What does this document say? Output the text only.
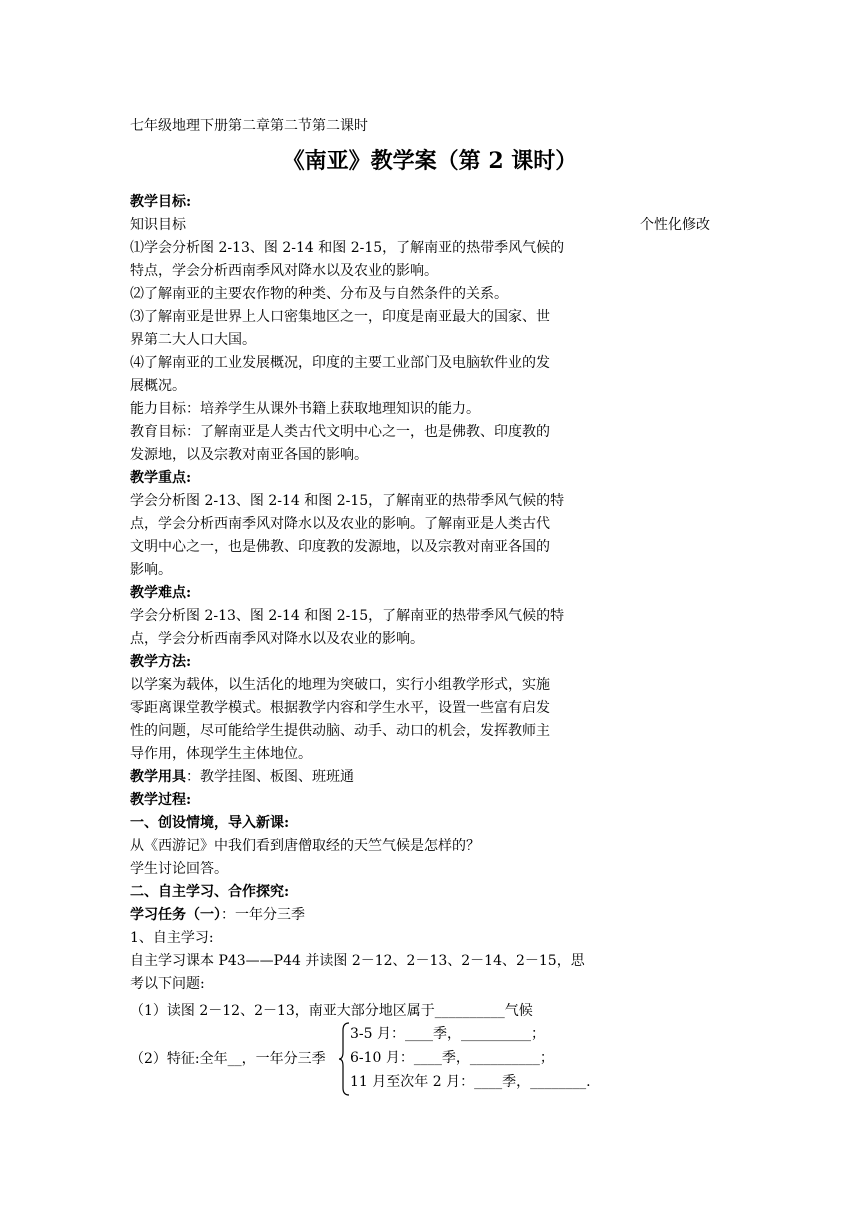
七年级地理下册第二章第二节第二课时
《南亚》教学案（第 2 课时）
个性化修改

教学目标:

知识目标

⑴学会分析图 2-13、图 2-14 和图 2-15，了解南亚的热带季风气候的

特点，学会分析西南季风对降水以及农业的影响。

⑵了解南亚的主要农作物的种类、分布及与自然条件的关系。

⑶了解南亚是世界上人口密集地区之一，印度是南亚最大的国家、世

界第二大人口大国。

⑷了解南亚的工业发展概况，印度的主要工业部门及电脑软件业的发

展概况。

能力目标：培养学生从课外书籍上获取地理知识的能力。

教育目标：了解南亚是人类古代文明中心之一，也是佛教、印度教的

发源地，以及宗教对南亚各国的影响。

教学重点:

学会分析图 2-13、图 2-14 和图 2-15，了解南亚的热带季风气候的特

点，学会分析西南季风对降水以及农业的影响。了解南亚是人类古代

文明中心之一，也是佛教、印度教的发源地，以及宗教对南亚各国的

影响。

教学难点:

学会分析图 2-13、图 2-14 和图 2-15，了解南亚的热带季风气候的特

点，学会分析西南季风对降水以及农业的影响。

教学方法:

以学案为载体，以生活化的地理为突破口，实行小组教学形式，实施

零距离课堂教学模式。根据教学内容和学生水平，设置一些富有启发

性的问题，尽可能给学生提供动脑、动手、动口的机会，发挥教师主

导作用，体现学生主体地位。

教学用具：教学挂图、板图、班班通

教学过程:

一、创设情境，导入新课:

从《西游记》中我们看到唐僧取经的天竺气候是怎样的？

学生讨论回答。

二、自主学习、合作探究:

学习任务（一）：一年分三季

1、自主学习:

自主学习课本 P43——P44 并读图 2－12、2－13、2－14、2－15，思

考以下问题:

（1）读图 2－12、2－13，南亚大部分地区属于__________气候
（2）特征:全年__，一年分三季
3-5 月：____季，__________；
6-10 月：____季，__________；
11 月至次年 2 月：____季，________.
